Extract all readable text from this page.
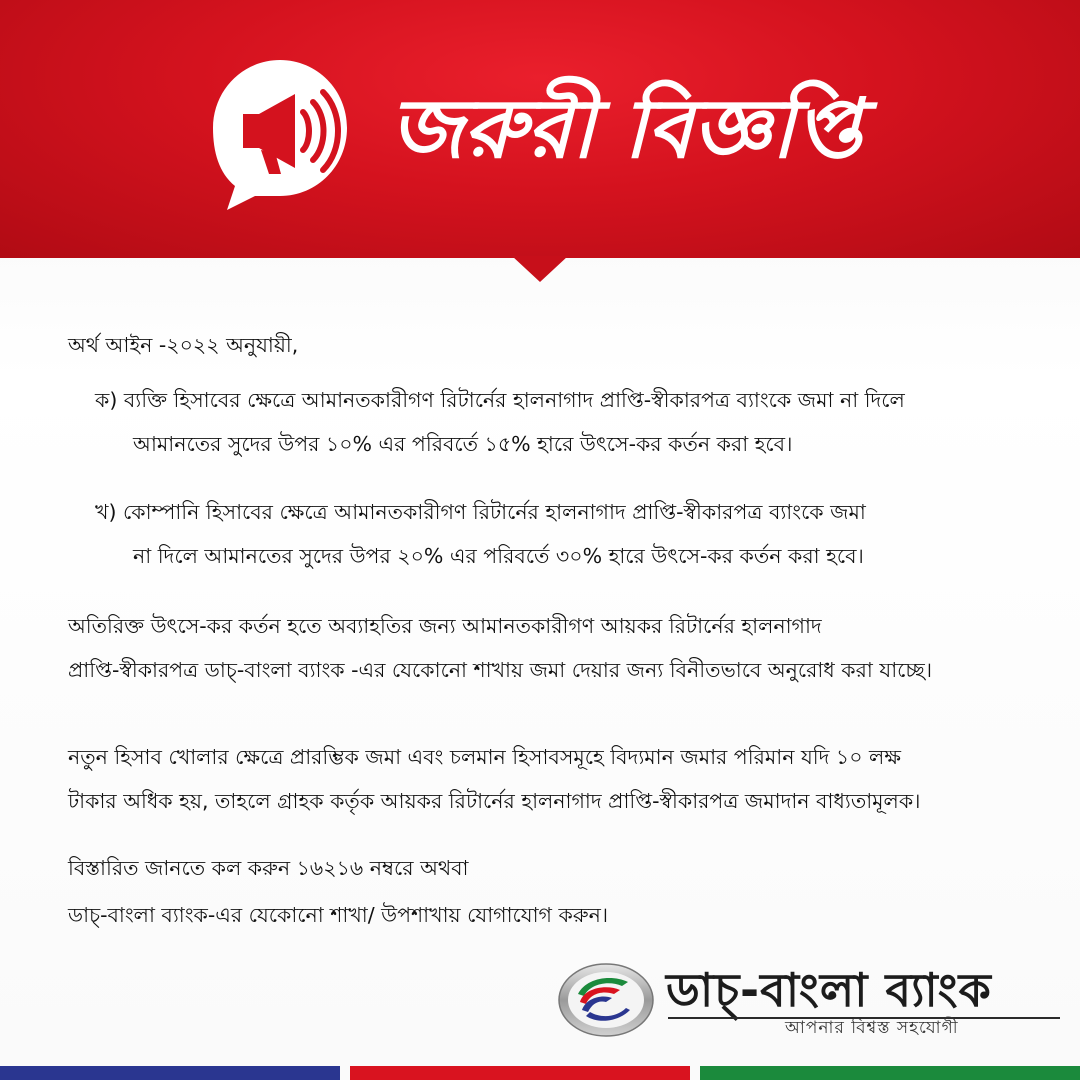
জরুরী বিজ্ঞপ্তি
অর্থ আইন -২০২২ অনুযায়ী,
ক) ব্যক্তি হিসাবের ক্ষেত্রে আমানতকারীগণ রিটার্নের হালনাগাদ প্রাপ্তি-স্বীকারপত্র ব্যাংকে জমা না দিলে
আমানতের সুদের উপর ১০% এর পরিবর্তে ১৫% হারে উৎসে-কর কর্তন করা হবে।
খ) কোম্পানি হিসাবের ক্ষেত্রে আমানতকারীগণ রিটার্নের হালনাগাদ প্রাপ্তি-স্বীকারপত্র ব্যাংকে জমা
না দিলে আমানতের সুদের উপর ২০% এর পরিবর্তে ৩০% হারে উৎসে-কর কর্তন করা হবে।
অতিরিক্ত উৎসে-কর কর্তন হতে অব্যাহতির জন্য আমানতকারীগণ আয়কর রিটার্নের হালনাগাদ
প্রাপ্তি-স্বীকারপত্র ডাচ্-বাংলা ব্যাংক -এর যেকোনো শাখায় জমা দেয়ার জন্য বিনীতভাবে অনুরোধ করা যাচ্ছে।
নতুন হিসাব খোলার ক্ষেত্রে প্রারম্ভিক জমা এবং চলমান হিসাবসমূহে বিদ্যমান জমার পরিমান যদি ১০ লক্ষ
টাকার অধিক হয়, তাহলে গ্রাহক কর্তৃক আয়কর রিটার্নের হালনাগাদ প্রাপ্তি-স্বীকারপত্র জমাদান বাধ্যতামূলক।
বিস্তারিত জানতে কল করুন ১৬২১৬ নম্বরে অথবা
ডাচ্-বাংলা ব্যাংক-এর যেকোনো শাখা/ উপশাখায় যোগাযোগ করুন।
ডাচ্-বাংলা ব্যাংক
আপনার বিশ্বস্ত সহযোগী
